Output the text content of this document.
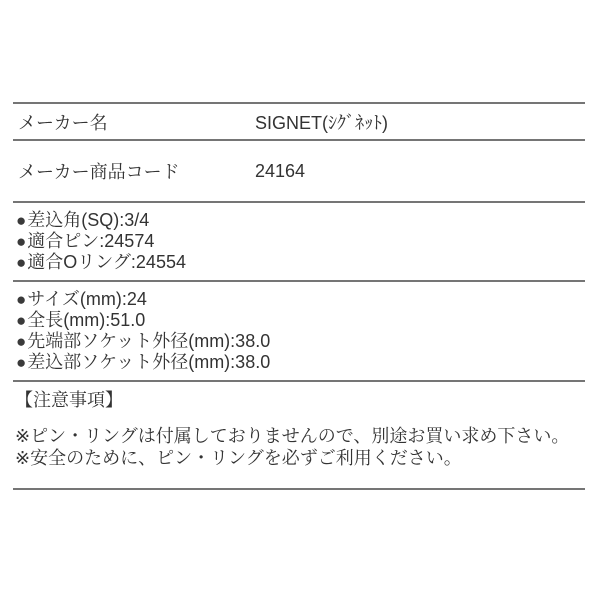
メーカー名	SIGNET(ｼｸﾞﾈｯﾄ)
メーカー商品コード	24164
●差込角(SQ):3/4
●適合ピン:24574
●適合Oリング:24554
●サイズ(mm):24
●全長(mm):51.0
●先端部ソケット外径(mm):38.0
●差込部ソケット外径(mm):38.0
【注意事項】
※ピン・リングは付属しておりませんので、別途お買い求め下さい。
※安全のために、ピン・リングを必ずご利用ください。
